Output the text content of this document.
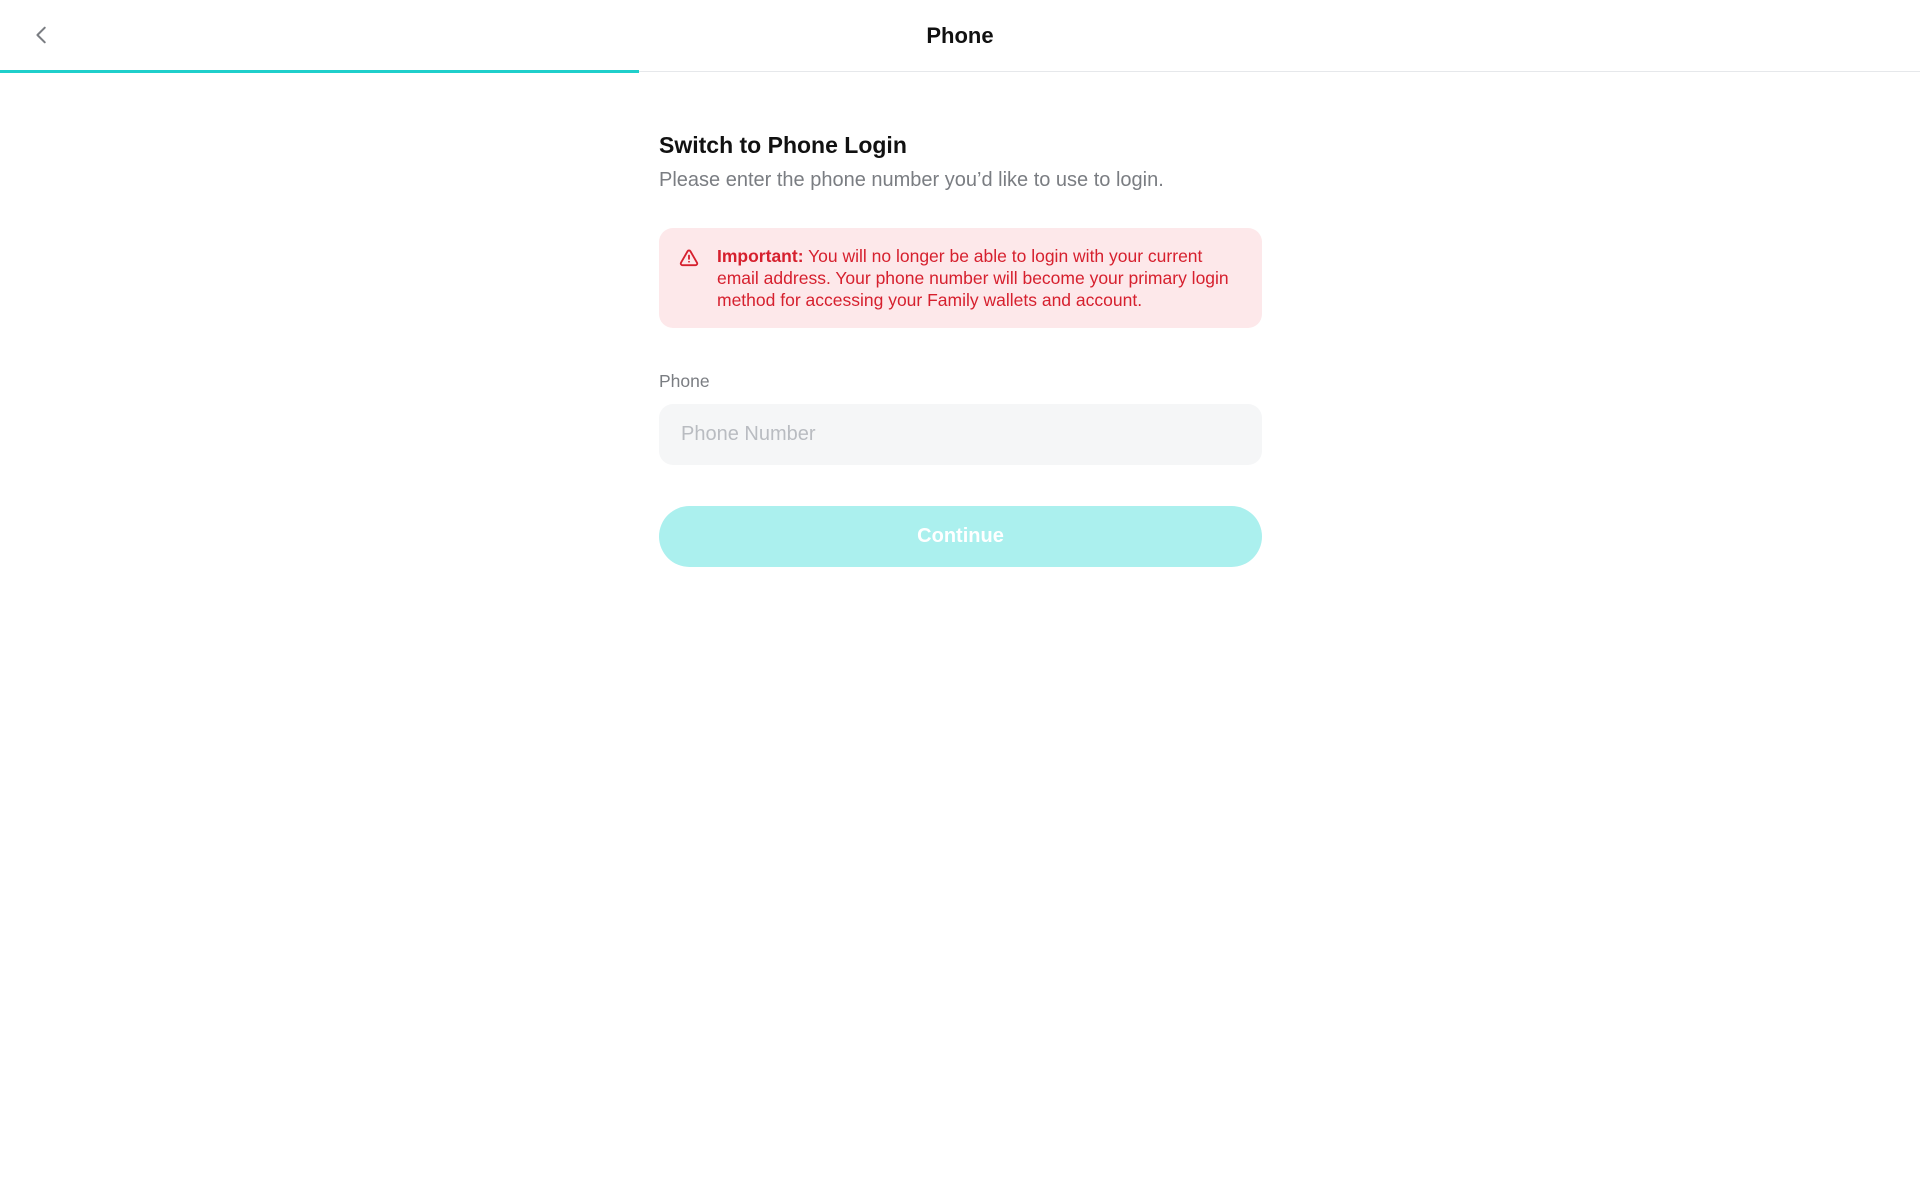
Phone
Switch to Phone Login
Please enter the phone number you’d like to use to login.
Important: You will no longer be able to login with your current email address. Your phone number will become your primary login method for accessing your Family wallets and account.
Phone
Phone Number Continue
